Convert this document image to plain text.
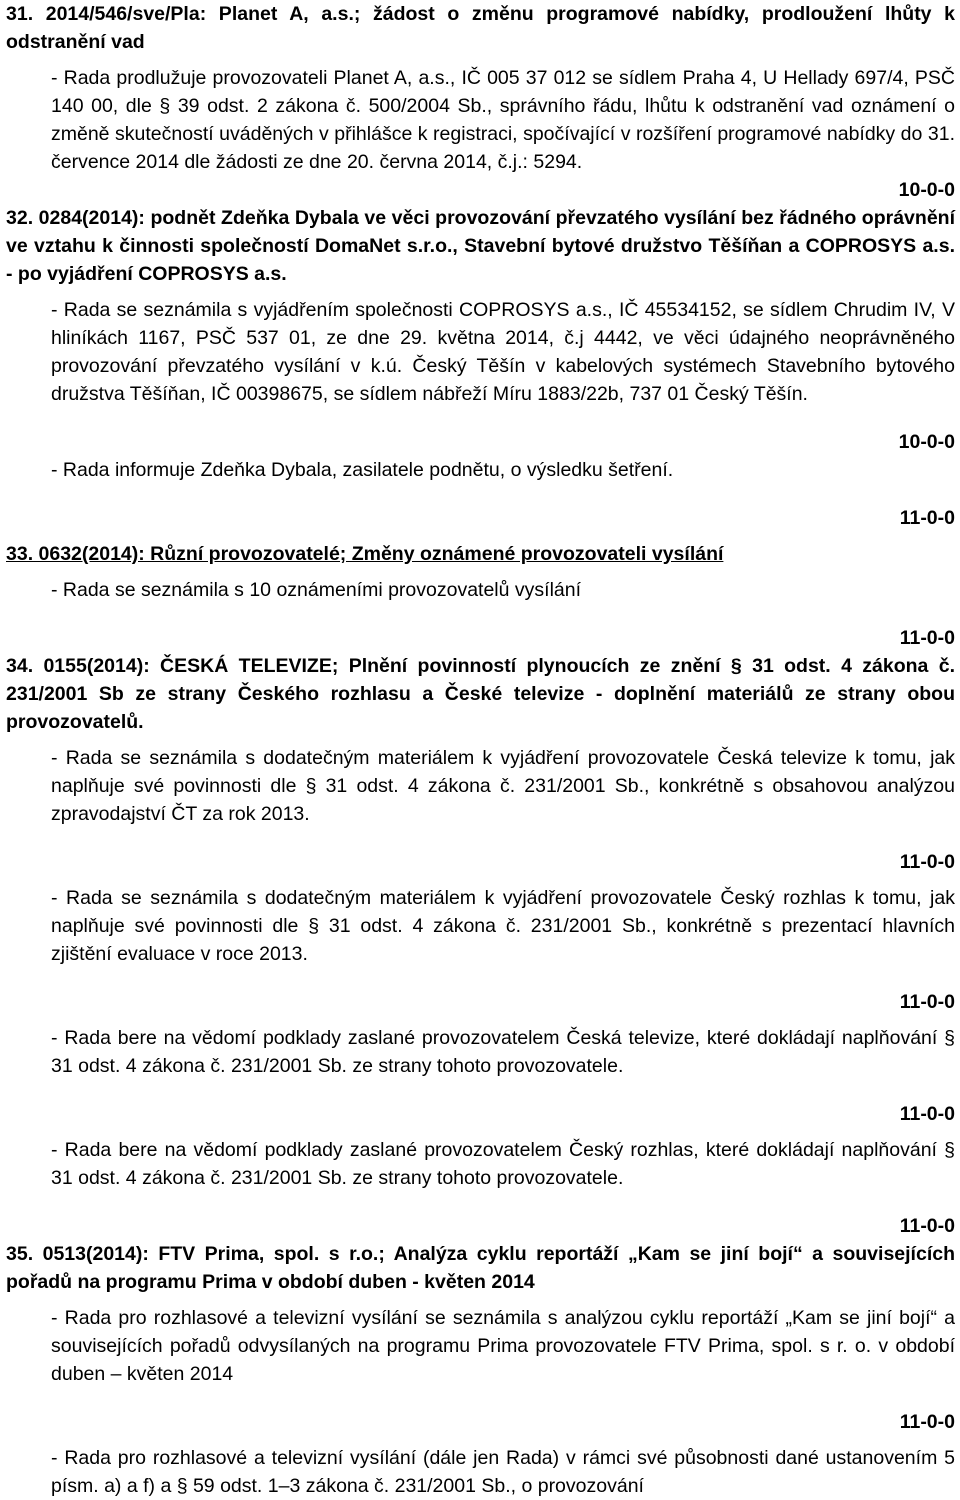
31. 2014/546/sve/Pla: Planet A, a.s.; žádost o změnu programové nabídky, prodloužení lhůty k odstranění vad

- Rada prodlužuje provozovateli Planet A, a.s., IČ 005 37 012 se sídlem Praha 4, U Hellady 697/4, PSČ 140 00, dle § 39 odst. 2 zákona č. 500/2004 Sb., správního řádu, lhůtu k odstranění vad oznámení o změně skutečností uváděných v přihlášce k registraci, spočívající v rozšíření programové nabídky do 31. července 2014 dle žádosti ze dne 20. června 2014, č.j.: 5294.

10-0-0

32. 0284(2014): podnět Zdeňka Dybala ve věci provozování převzatého vysílání bez řádného oprávnění ve vztahu k činnosti společností DomaNet s.r.o., Stavební bytové družstvo Těšíňan a COPROSYS a.s. - po vyjádření COPROSYS a.s.

- Rada se seznámila s vyjádřením společnosti COPROSYS a.s., IČ 45534152, se sídlem Chrudim IV, V hliníkách 1167, PSČ 537 01, ze dne 29. května 2014, č.j 4442, ve věci údajného neoprávněného provozování převzatého vysílání v k.ú. Český Těšín v kabelových systémech Stavebního bytového družstva Těšíňan, IČ 00398675, se sídlem nábřeží Míru 1883/22b, 737 01 Český Těšín.

10-0-0

- Rada informuje Zdeňka Dybala, zasilatele podnětu, o výsledku šetření.

11-0-0

33. 0632(2014): Různí provozovatelé; Změny oznámené provozovateli vysílání

- Rada se seznámila s 10 oznámeními provozovatelů vysílání

11-0-0

34. 0155(2014): ČESKÁ TELEVIZE; Plnění povinností plynoucích ze znění § 31 odst. 4 zákona č. 231/2001 Sb ze strany Českého rozhlasu a České televize - doplnění materiálů ze strany obou provozovatelů.

- Rada se seznámila s dodatečným materiálem k vyjádření provozovatele Česká televize k tomu, jak naplňuje své povinnosti dle § 31 odst. 4 zákona č. 231/2001 Sb., konkrétně s obsahovou analýzou zpravodajství ČT za rok 2013.

11-0-0

- Rada se seznámila s dodatečným materiálem k vyjádření provozovatele Český rozhlas k tomu, jak naplňuje své povinnosti dle § 31 odst. 4 zákona č. 231/2001 Sb., konkrétně s prezentací hlavních zjištění evaluace v roce 2013.

11-0-0

- Rada bere na vědomí podklady zaslané provozovatelem Česká televize, které dokládají naplňování § 31 odst. 4 zákona č. 231/2001 Sb. ze strany tohoto provozovatele.

11-0-0

- Rada bere na vědomí podklady zaslané provozovatelem Český rozhlas, které dokládají naplňování § 31 odst. 4 zákona č. 231/2001 Sb. ze strany tohoto provozovatele.

11-0-0

35. 0513(2014): FTV Prima, spol. s r.o.; Analýza cyklu reportáží „Kam se jiní bojí“ a souvisejících pořadů na programu Prima v období duben - květen 2014

- Rada pro rozhlasové a televizní vysílání se seznámila s analýzou cyklu reportáží „Kam se jiní bojí“ a souvisejících pořadů odvysílaných na programu Prima provozovatele FTV Prima, spol. s r. o. v období duben – květen 2014

11-0-0

- Rada pro rozhlasové a televizní vysílání (dále jen Rada) v rámci své působnosti dané ustanovením 5 písm. a) a f) a § 59 odst. 1–3 zákona č. 231/2001 Sb., o provozování
